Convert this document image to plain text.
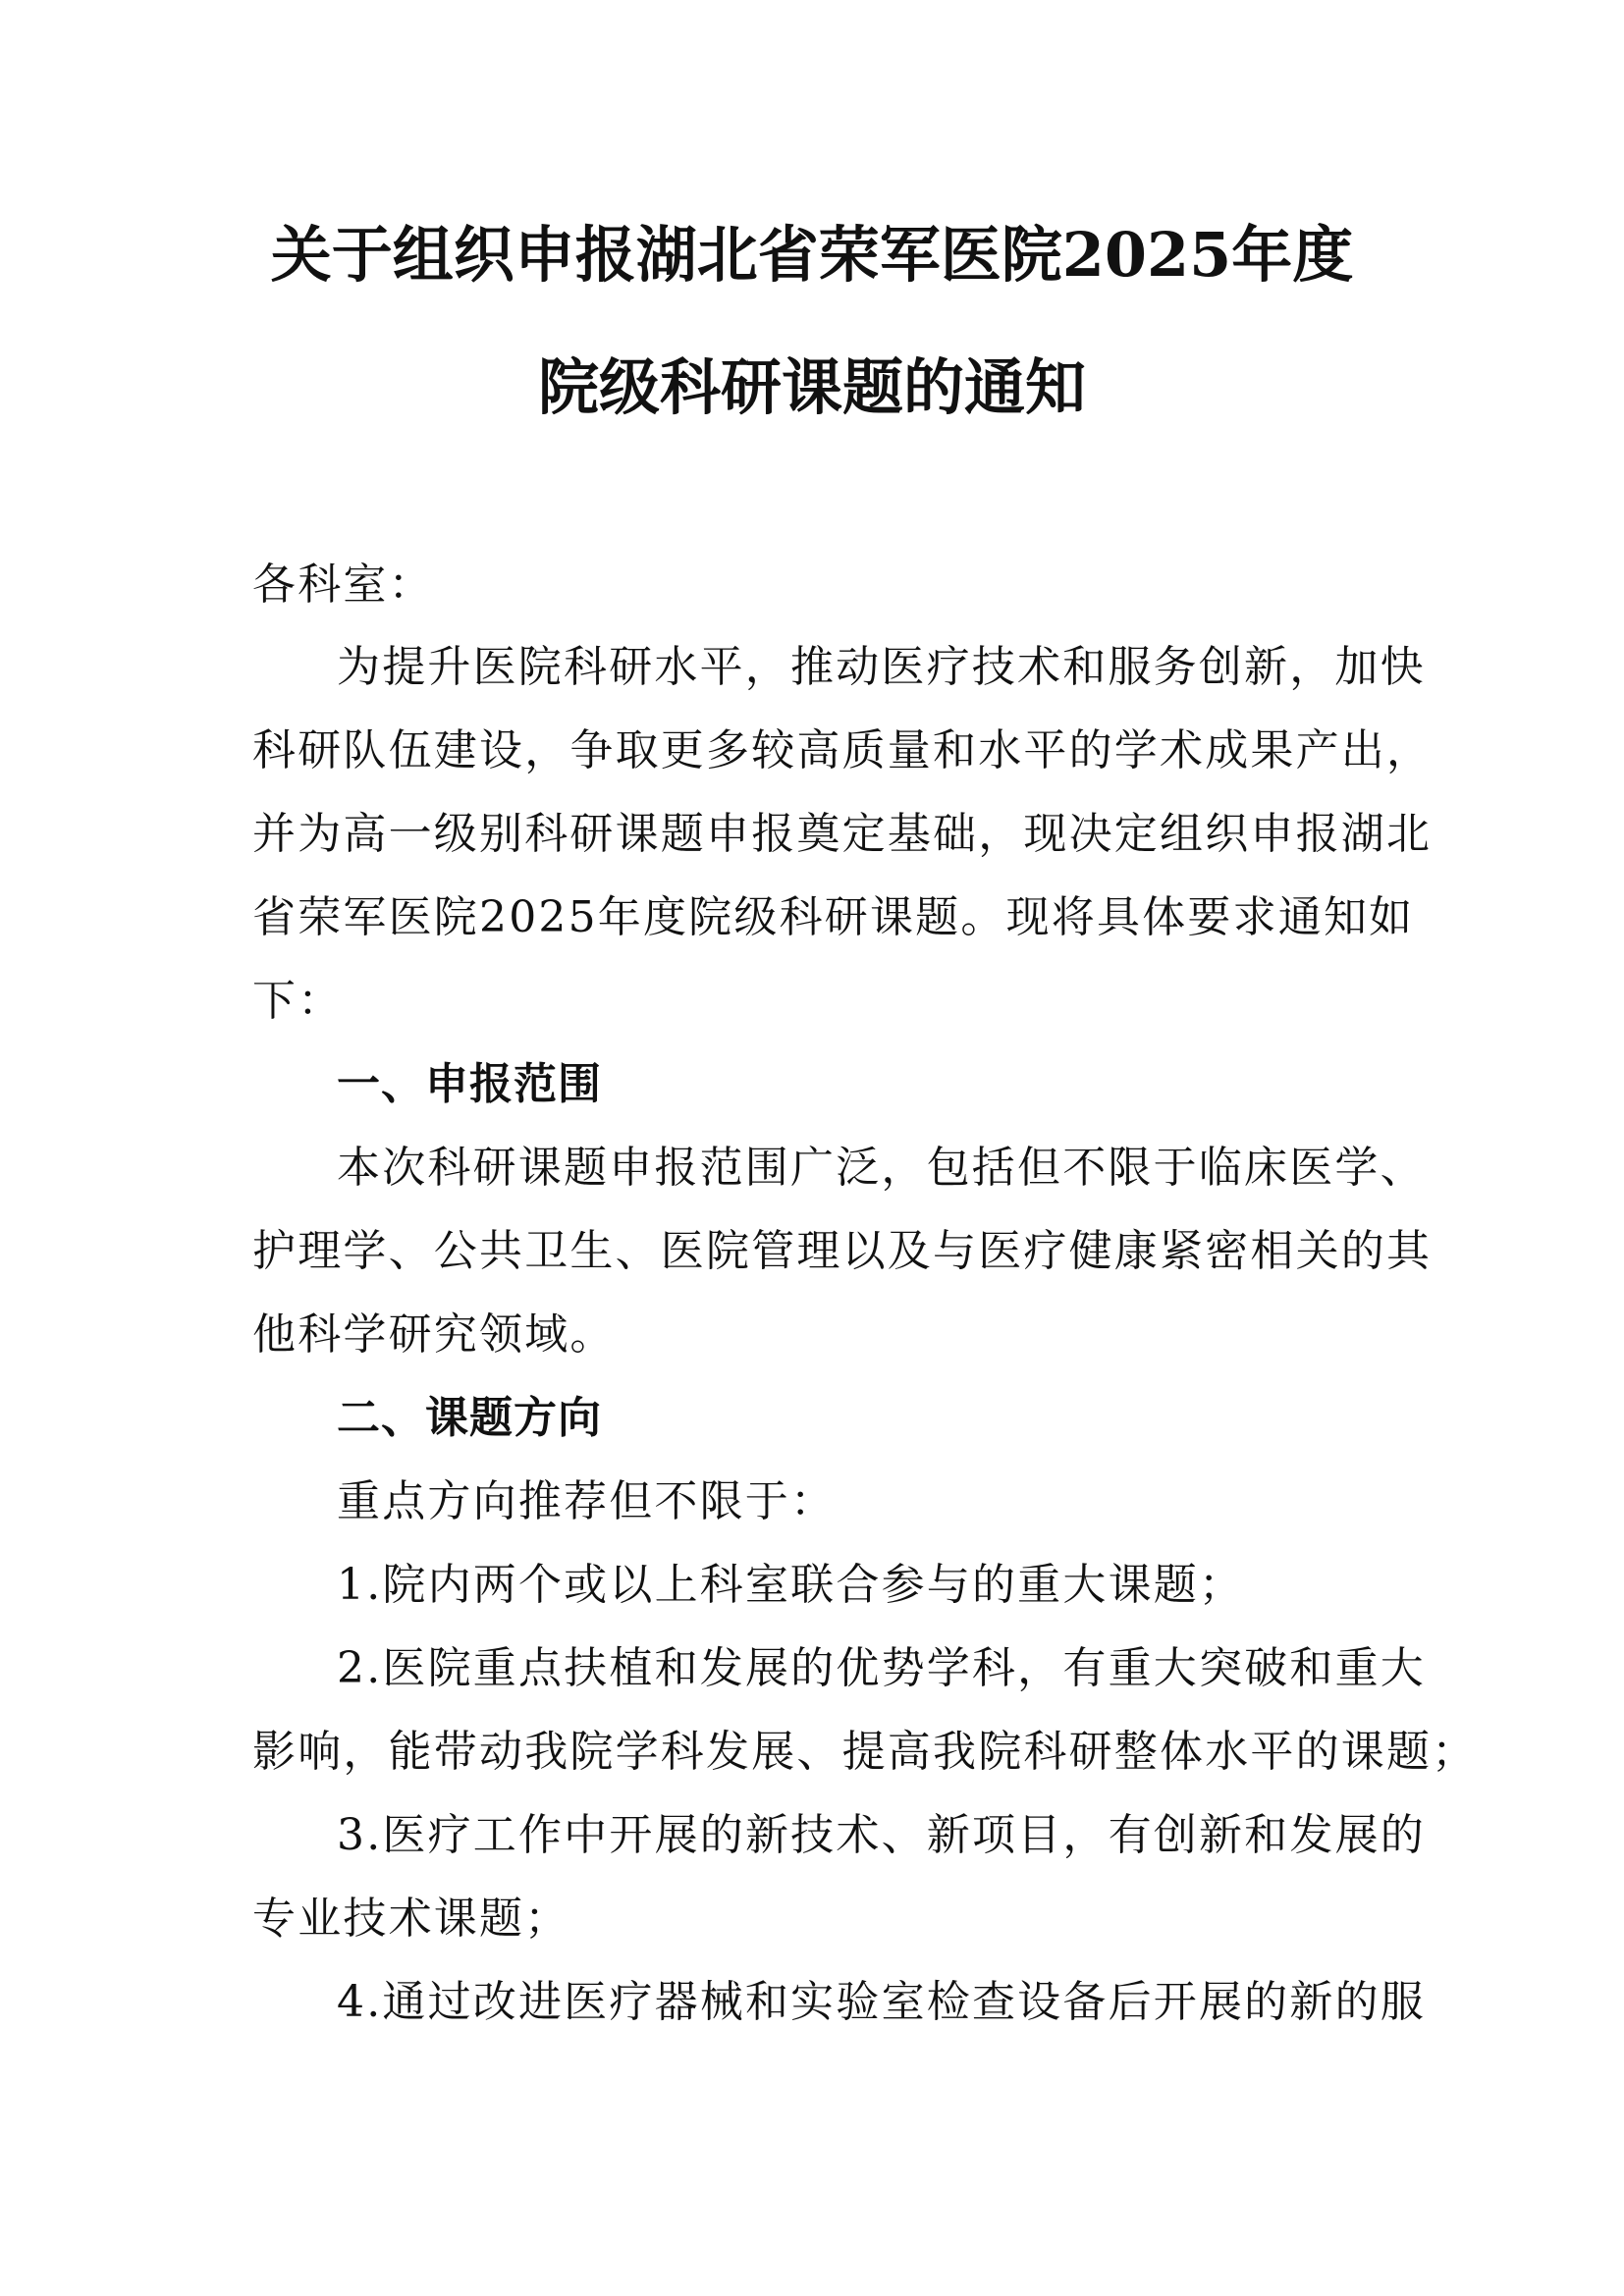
关于组织申报湖北省荣军医院2025年度
院级科研课题的通知
各科室：
为提升医院科研水平，推动医疗技术和服务创新，加快
科研队伍建设，争取更多较高质量和水平的学术成果产出，
并为高一级别科研课题申报奠定基础，现决定组织申报湖北
省荣军医院2025年度院级科研课题。现将具体要求通知如
下：
一、申报范围
本次科研课题申报范围广泛，包括但不限于临床医学、
护理学、公共卫生、医院管理以及与医疗健康紧密相关的其
他科学研究领域。
二、课题方向
重点方向推荐但不限于：
1.院内两个或以上科室联合参与的重大课题；
2.医院重点扶植和发展的优势学科，有重大突破和重大
影响，能带动我院学科发展、提高我院科研整体水平的课题；
3.医疗工作中开展的新技术、新项目，有创新和发展的
专业技术课题；
4.通过改进医疗器械和实验室检查设备后开展的新的服
